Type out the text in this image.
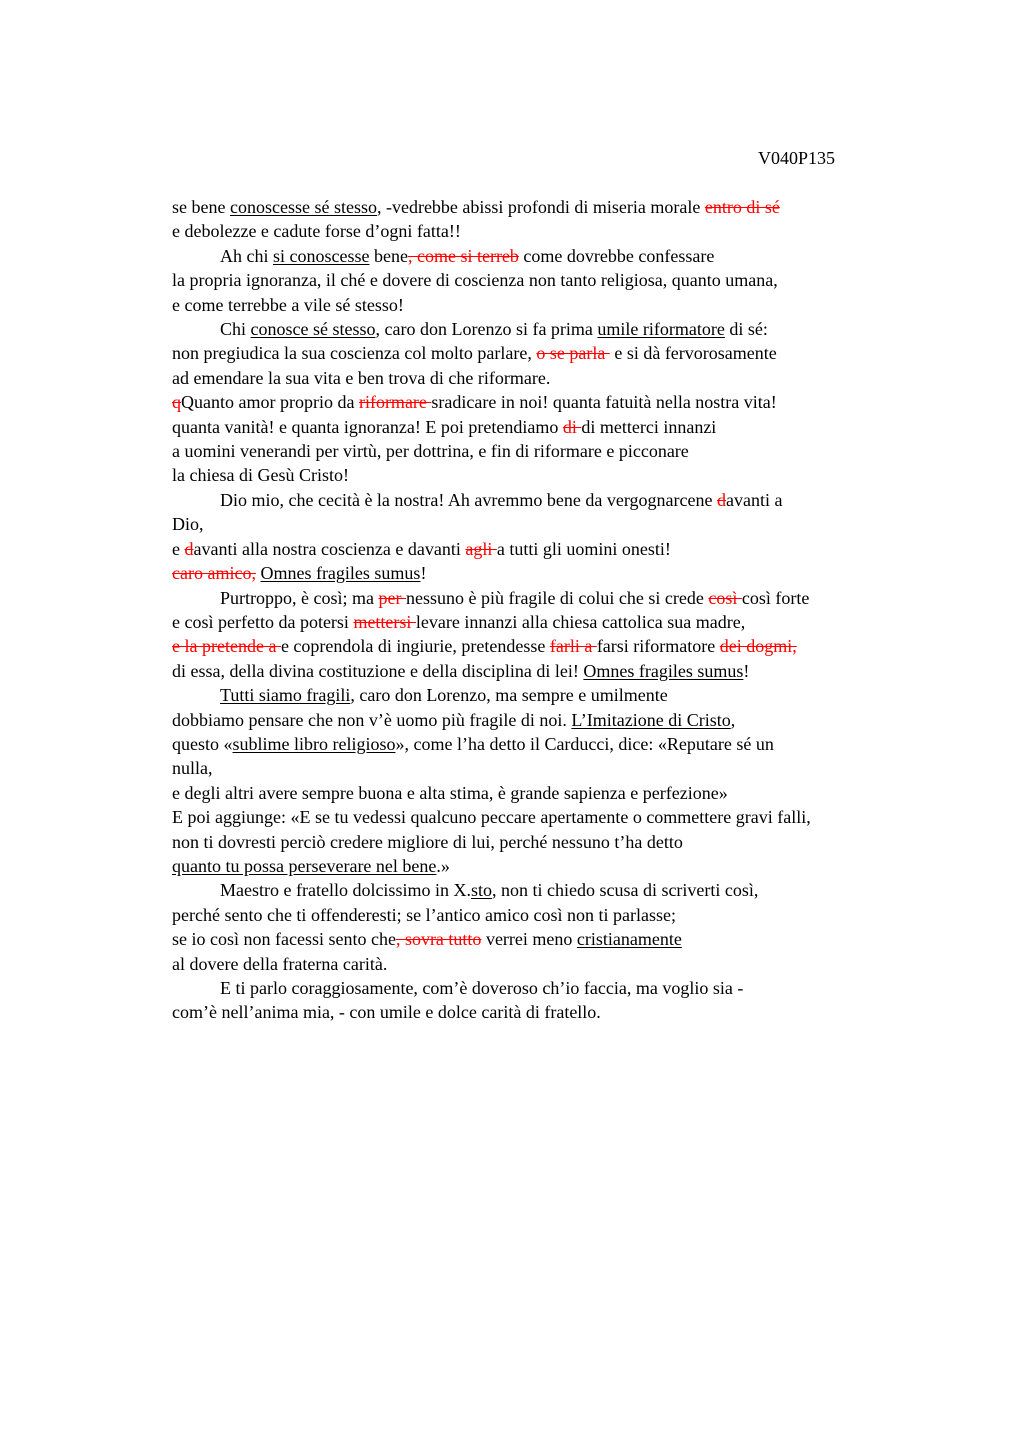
V040P135
se bene conoscesse sé stesso, -vedrebbe abissi profondi di miseria morale entro di sé
e debolezze e cadute forse d’ogni fatta!!
Ah chi si conoscesse bene, come si terreb come dovrebbe confessare
la propria ignoranza, il ché e dovere di coscienza non tanto religiosa, quanto umana,
e come terrebbe a vile sé stesso!
Chi conosce sé stesso, caro don Lorenzo si fa prima umile riformatore di sé:
non pregiudica la sua coscienza col molto parlare, o se parla  e si dà fervorosamente
ad emendare la sua vita e ben trova di che riformare.
qQuanto amor proprio da riformare sradicare in noi! quanta fatuità nella nostra vita!
quanta vanità! e quanta ignoranza! E poi pretendiamo di di metterci innanzi
a uomini venerandi per virtù, per dottrina, e fin di riformare e picconare
la chiesa di Gesù Cristo!
Dio mio, che cecità è la nostra! Ah avremmo bene da vergognarcene davanti a
Dio,
e davanti alla nostra coscienza e davanti agli a tutti gli uomini onesti!
caro amico, Omnes fragiles sumus!
Purtroppo, è così; ma per nessuno è più fragile di colui che si crede così così forte
e così perfetto da potersi mettersi levare innanzi alla chiesa cattolica sua madre,
e la pretende a e coprendola di ingiurie, pretendesse farli a farsi riformatore dei dogmi,
di essa, della divina costituzione e della disciplina di lei! Omnes fragiles sumus!
Tutti siamo fragili, caro don Lorenzo, ma sempre e umilmente
dobbiamo pensare che non v’è uomo più fragile di noi. L’Imitazione di Cristo,
questo «sublime libro religioso», come l’ha detto il Carducci, dice: «Reputare sé un
nulla,
e degli altri avere sempre buona e alta stima, è grande sapienza e perfezione»
E poi aggiunge: «E se tu vedessi qualcuno peccare apertamente o commettere gravi falli,
non ti dovresti perciò credere migliore di lui, perché nessuno t’ha detto
quanto tu possa perseverare nel bene.»
Maestro e fratello dolcissimo in X.sto, non ti chiedo scusa di scriverti così,
perché sento che ti offenderesti; se l’antico amico così non ti parlasse;
se io così non facessi sento che, sovra tutto verrei meno cristianamente
al dovere della fraterna carità.
E ti parlo coraggiosamente, com’è doveroso ch’io faccia, ma voglio sia -
com’è nell’anima mia, - con umile e dolce carità di fratello.
